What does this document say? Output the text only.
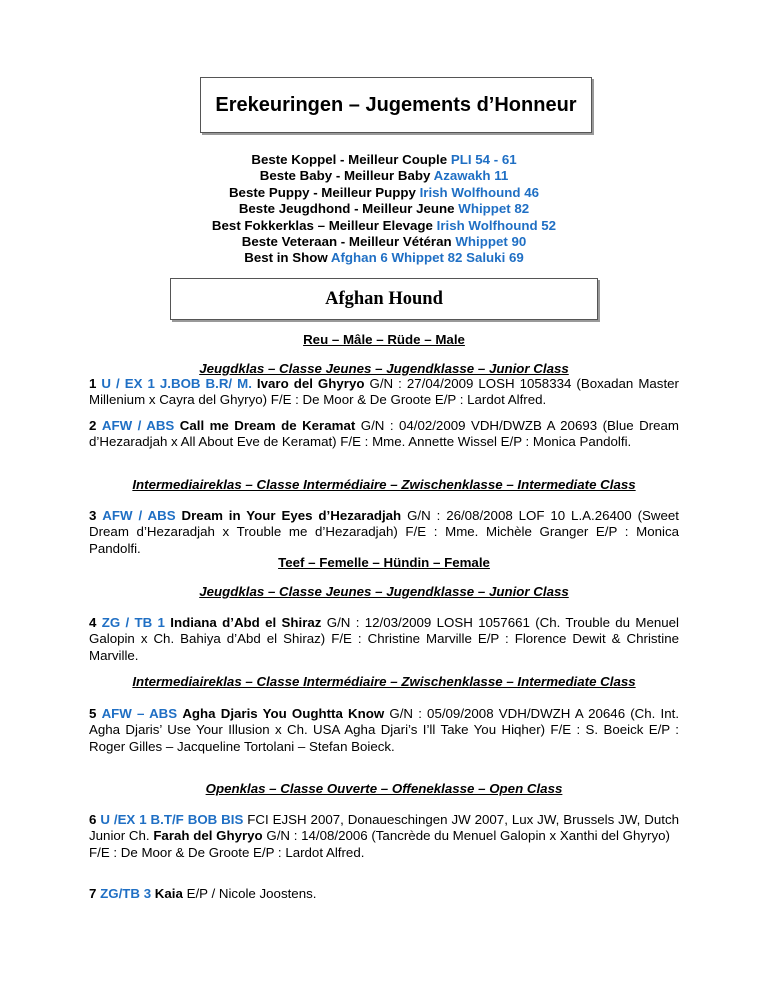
Erekeuringen – Jugements d’Honneur
Beste Koppel - Meilleur Couple PLI 54 - 61
Beste Baby - Meilleur Baby Azawakh 11
Beste Puppy - Meilleur Puppy Irish Wolfhound 46
Beste Jeugdhond - Meilleur Jeune Whippet 82
Best Fokkerklas – Meilleur Elevage Irish Wolfhound 52
Beste Veteraan - Meilleur Vétéran Whippet 90
Best in Show Afghan 6 Whippet 82 Saluki 69
Afghan Hound
Reu – Mâle – Rüde – Male
Jeugdklas – Classe Jeunes – Jugendklasse – Junior Class
1 U / EX 1 J.BOB B.R/ M. Ivaro del Ghyryo G/N : 27/04/2009 LOSH 1058334 (Boxadan Master Millenium x Cayra del Ghyryo) F/E : De Moor & De Groote E/P : Lardot Alfred.
2 AFW / ABS Call me Dream de Keramat G/N : 04/02/2009 VDH/DWZB A 20693 (Blue Dream d’Hezaradjah x All About Eve de Keramat) F/E : Mme. Annette Wissel E/P : Monica Pandolfi.
Intermediaireklas – Classe Intermédiaire – Zwischenklasse – Intermediate Class
3 AFW / ABS Dream in Your Eyes d’Hezaradjah G/N : 26/08/2008 LOF 10 L.A.26400 (Sweet Dream d’Hezaradjah x Trouble me d’Hezaradjah) F/E : Mme. Michèle Granger E/P : Monica Pandolfi.
Teef – Femelle – Hündin – Female
Jeugdklas – Classe Jeunes – Jugendklasse – Junior Class
4 ZG / TB 1 Indiana d’Abd el Shiraz G/N : 12/03/2009 LOSH 1057661 (Ch. Trouble du Menuel Galopin x Ch. Bahiya d’Abd el Shiraz) F/E : Christine Marville E/P : Florence Dewit & Christine Marville.
Intermediaireklas – Classe Intermédiaire – Zwischenklasse – Intermediate Class
5 AFW – ABS Agha Djaris You Oughtta Know G/N : 05/09/2008 VDH/DWZH A 20646 (Ch. Int. Agha Djaris’ Use Your Illusion x Ch. USA Agha Djari’s I’ll Take You Hiqher) F/E : S. Boeick E/P : Roger Gilles – Jacqueline Tortolani – Stefan Boieck.
Openklas – Classe Ouverte – Offeneklasse – Open Class
6 U /EX 1 B.T/F BOB BIS FCI EJSH 2007, Donaueschingen JW 2007, Lux JW, Brussels JW, Dutch Junior Ch. Farah del Ghyryo G/N : 14/08/2006 (Tancrède du Menuel Galopin x Xanthi del Ghyryo)
F/E : De Moor & De Groote E/P : Lardot Alfred.
7 ZG/TB 3 Kaia E/P / Nicole Joostens.
